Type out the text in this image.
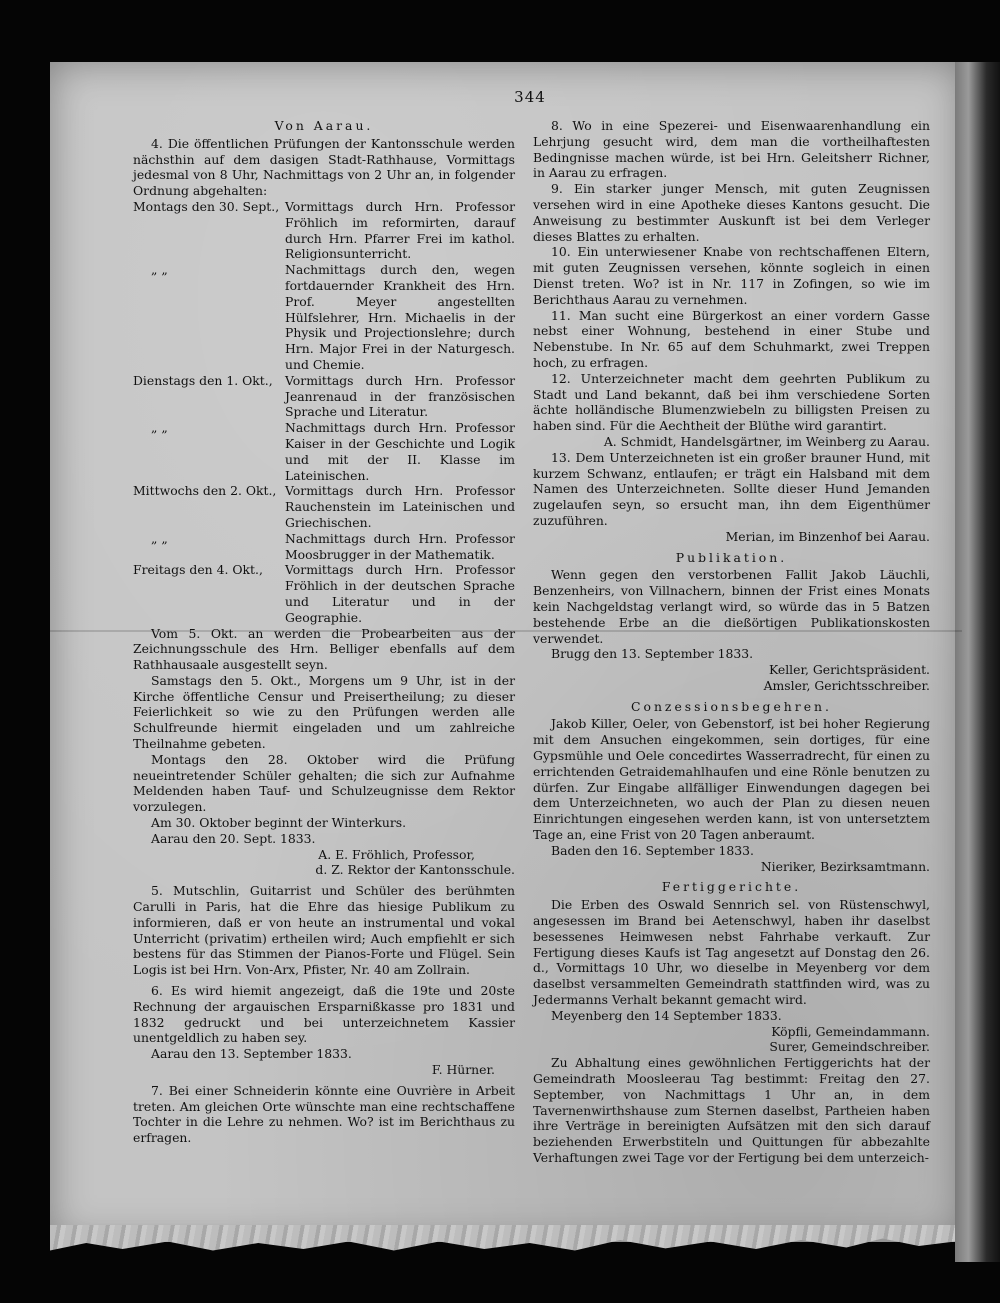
344

Von Aarau.

4. Die öffentlichen Prüfungen der Kantonsschule werden nächsthin auf dem dasigen Stadt-Rathhause, Vormittags jedesmal von 8 Uhr, Nachmittags von 2 Uhr an, in folgender Ordnung abgehalten:

Montags den 30. Sept., Vormittags durch Hrn. Professor Fröhlich im reformirten, darauf durch Hrn. Pfarrer Frei im kathol. Religionsunterricht.
„ „	Nachmittags durch den, wegen fortdauernder Krankheit des Hrn. Prof. Meyer angestellten Hülfslehrer, Hrn. Michaelis in der Physik und Projectionslehre; durch Hrn. Major Frei in der Naturgesch. und Chemie.
Dienstags den 1. Okt., Vormittags durch Hrn. Professor Jeanrenaud in der französischen Sprache und Literatur.
„ „	Nachmittags durch Hrn. Professor Kaiser in der Geschichte und Logik und mit der II. Klasse im Lateinischen.
Mittwochs den 2. Okt., Vormittags durch Hrn. Professor Rauchenstein im Lateinischen und Griechischen.
„ „	Nachmittags durch Hrn. Professor Moosbrugger in der Mathematik.
Freitags den 4. Okt.,	Vormittags durch Hrn. Professor Fröhlich in der deutschen Sprache und Literatur und in der Geographie.

Vom 5. Okt. an werden die Probearbeiten aus der Zeichnungsschule des Hrn. Belliger ebenfalls auf dem Rathhausaale ausgestellt seyn.

Samstags den 5. Okt., Morgens um 9 Uhr, ist in der Kirche öffentliche Censur und Preisertheilung; zu dieser Feierlichkeit so wie zu den Prüfungen werden alle Schulfreunde hiermit eingeladen und um zahlreiche Theilnahme gebeten.

Montags den 28. Oktober wird die Prüfung neueintretender Schüler gehalten; die sich zur Aufnahme Meldenden haben Tauf- und Schulzeugnisse dem Rektor vorzulegen.

Am 30. Oktober beginnt der Winterkurs.

Aarau den 20. Sept. 1833.

A. E. Fröhlich, Professor,

d. Z. Rektor der Kantonsschule.

5. Mutschlin, Guitarrist und Schüler des berühmten Carulli in Paris, hat die Ehre das hiesige Publikum zu informieren, daß er von heute an instrumental und vokal Unterricht (privatim) ertheilen wird; Auch empfiehlt er sich bestens für das Stimmen der Pianos-Forte und Flügel. Sein Logis ist bei Hrn. Von-Arx, Pfister, Nr. 40 am Zollrain.

6. Es wird hiemit angezeigt, daß die 19te und 20ste Rechnung der argauischen Ersparnißkasse pro 1831 und 1832 gedruckt und bei unterzeichnetem Kassier unentgeldlich zu haben sey.

Aarau den 13. September 1833.

F. Hürner.

7. Bei einer Schneiderin könnte eine Ouvrière in Arbeit treten. Am gleichen Orte wünschte man eine rechtschaffene Tochter in die Lehre zu nehmen. Wo? ist im Berichthaus zu erfragen.

8. Wo in eine Spezerei- und Eisenwaarenhandlung ein Lehrjung gesucht wird, dem man die vortheilhaftesten Bedingnisse machen würde, ist bei Hrn. Geleitsherr Richner, in Aarau zu erfragen.

9. Ein starker junger Mensch, mit guten Zeugnissen versehen wird in eine Apotheke dieses Kantons gesucht. Die Anweisung zu bestimmter Auskunft ist bei dem Verleger dieses Blattes zu erhalten.

10. Ein unterwiesener Knabe von rechtschaffenen Eltern, mit guten Zeugnissen versehen, könnte sogleich in einen Dienst treten. Wo? ist in Nr. 117 in Zofingen, so wie im Berichthaus Aarau zu vernehmen.

11. Man sucht eine Bürgerkost an einer vordern Gasse nebst einer Wohnung, bestehend in einer Stube und Nebenstube. In Nr. 65 auf dem Schuhmarkt, zwei Treppen hoch, zu erfragen.

12. Unterzeichneter macht dem geehrten Publikum zu Stadt und Land bekannt, daß bei ihm verschiedene Sorten ächte holländische Blumenzwiebeln zu billigsten Preisen zu haben sind. Für die Aechtheit der Blüthe wird garantirt.

A. Schmidt, Handelsgärtner, im Weinberg zu Aarau.

13. Dem Unterzeichneten ist ein großer brauner Hund, mit kurzem Schwanz, entlaufen; er trägt ein Halsband mit dem Namen des Unterzeichneten. Sollte dieser Hund Jemanden zugelaufen seyn, so ersucht man, ihn dem Eigenthümer zuzuführen.

Merian, im Binzenhof bei Aarau.

Publikation.

Wenn gegen den verstorbenen Fallit Jakob Läuchli, Benzenheirs, von Villnachern, binnen der Frist eines Monats kein Nachgeldstag verlangt wird, so würde das in 5 Batzen bestehende Erbe an die dießörtigen Publikationskosten verwendet.

Brugg den 13. September 1833.

Keller, Gerichtspräsident.

Amsler, Gerichtsschreiber.

Conzessionsbegehren.

Jakob Killer, Oeler, von Gebenstorf, ist bei hoher Regierung mit dem Ansuchen eingekommen, sein dortiges, für eine Gypsmühle und Oele concedirtes Wasserradrecht, für einen zu errichtenden Getraidemahlhaufen und eine Rönle benutzen zu dürfen. Zur Eingabe allfälliger Einwendungen dagegen bei dem Unterzeichneten, wo auch der Plan zu diesen neuen Einrichtungen eingesehen werden kann, ist von untersetztem Tage an, eine Frist von 20 Tagen anberaumt.

Baden den 16. September 1833.

Nieriker, Bezirksamtmann.

Fertiggerichte.

Die Erben des Oswald Sennrich sel. von Rüstenschwyl, angesessen im Brand bei Aetenschwyl, haben ihr daselbst besessenes Heimwesen nebst Fahrhabe verkauft. Zur Fertigung dieses Kaufs ist Tag angesetzt auf Donstag den 26. d., Vormittags 10 Uhr, wo dieselbe in Meyenberg vor dem daselbst versammelten Gemeindrath stattfinden wird, was zu Jedermanns Verhalt bekannt gemacht wird.

Meyenberg den 14 September 1833.

Köpfli, Gemeindammann.

Surer, Gemeindschreiber.

Zu Abhaltung eines gewöhnlichen Fertiggerichts hat der Gemeindrath Moosleerau Tag bestimmt: Freitag den 27. September, von Nachmittags 1 Uhr an, in dem Tavernenwirthshause zum Sternen daselbst, Partheien haben ihre Verträge in bereinigten Aufsätzen mit den sich darauf beziehenden Erwerbstiteln und Quittungen für abbezahlte Verhaftungen zwei Tage vor der Fertigung bei dem unterzeich-
